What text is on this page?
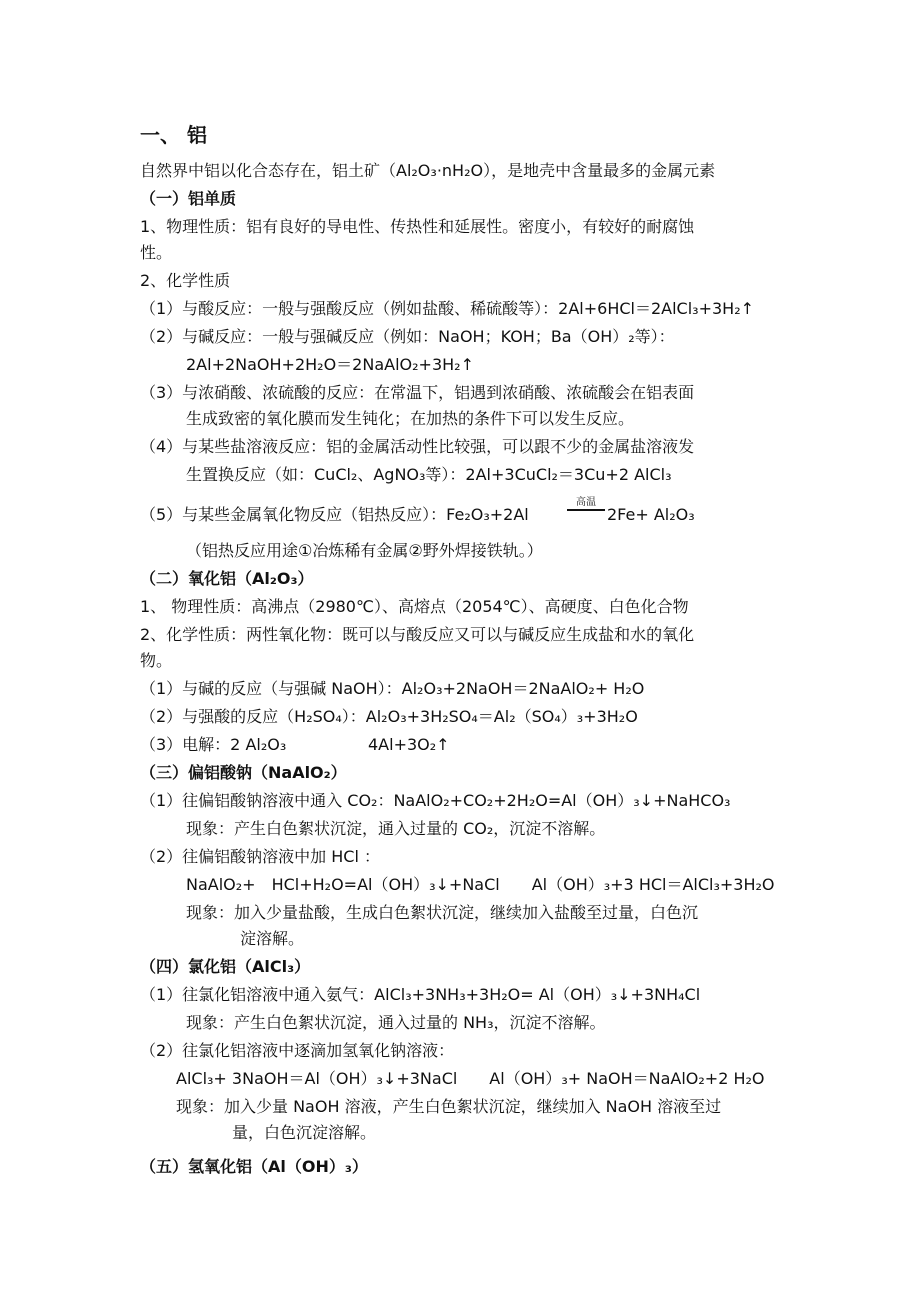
一、 铝
自然界中铝以化合态存在，铝土矿（Al₂O₃·nH₂O），是地壳中含量最多的金属元素
（一）铝单质
1、物理性质：铝有良好的导电性、传热性和延展性。密度小，有较好的耐腐蚀
性。
2、化学性质
（1）与酸反应：一般与强酸反应（例如盐酸、稀硫酸等）：2Al+6HCl＝2AlCl₃+3H₂↑
（2）与碱反应：一般与强碱反应（例如：NaOH；KOH；Ba（OH）₂等）：
2Al+2NaOH+2H₂O＝2NaAlO₂+3H₂↑
（3）与浓硝酸、浓硫酸的反应：在常温下，铝遇到浓硝酸、浓硫酸会在铝表面
生成致密的氧化膜而发生钝化；在加热的条件下可以发生反应。
（4）与某些盐溶液反应：铝的金属活动性比较强，可以跟不少的金属盐溶液发
生置换反应（如：CuCl₂、AgNO₃等）：2Al+3CuCl₂＝3Cu+2 AlCl₃
（5）与某些金属氧化物反应（铝热反应）：Fe₂O₃+2Al
高温
2Fe+ Al₂O₃
（铝热反应用途①冶炼稀有金属②野外焊接铁轨。）
（二）氧化铝（Al₂O₃）
1、 物理性质：高沸点（2980℃）、高熔点（2054℃）、高硬度、白色化合物
2、化学性质：两性氧化物：既可以与酸反应又可以与碱反应生成盐和水的氧化
物。
（1）与碱的反应（与强碱 NaOH）：Al₂O₃+2NaOH＝2NaAlO₂+ H₂O
（2）与强酸的反应（H₂SO₄）：Al₂O₃+3H₂SO₄＝Al₂（SO₄）₃+3H₂O
（3）电解：2 Al₂O₃	4Al+3O₂↑
（三）偏铝酸钠（NaAlO₂）
（1）往偏铝酸钠溶液中通入 CO₂：NaAlO₂+CO₂+2H₂O=Al（OH）₃↓+NaHCO₃
现象：产生白色絮状沉淀，通入过量的 CO₂，沉淀不溶解。
（2）往偏铝酸钠溶液中加 HCl ：
NaAlO₂+　HCl+H₂O=Al（OH）₃↓+NaCl　　Al（OH）₃+3 HCl＝AlCl₃+3H₂O
现象：加入少量盐酸，生成白色絮状沉淀，继续加入盐酸至过量，白色沉
淀溶解。
（四）氯化铝（AlCl₃）
（1）往氯化铝溶液中通入氨气：AlCl₃+3NH₃+3H₂O= Al（OH）₃↓+3NH₄Cl
现象：产生白色絮状沉淀，通入过量的 NH₃，沉淀不溶解。
（2）往氯化铝溶液中逐滴加氢氧化钠溶液：
AlCl₃+ 3NaOH＝Al（OH）₃↓+3NaCl　　Al（OH）₃+ NaOH＝NaAlO₂+2 H₂O
现象：加入少量 NaOH 溶液，产生白色絮状沉淀，继续加入 NaOH 溶液至过
量，白色沉淀溶解。
（五）氢氧化铝（Al（OH）₃）
